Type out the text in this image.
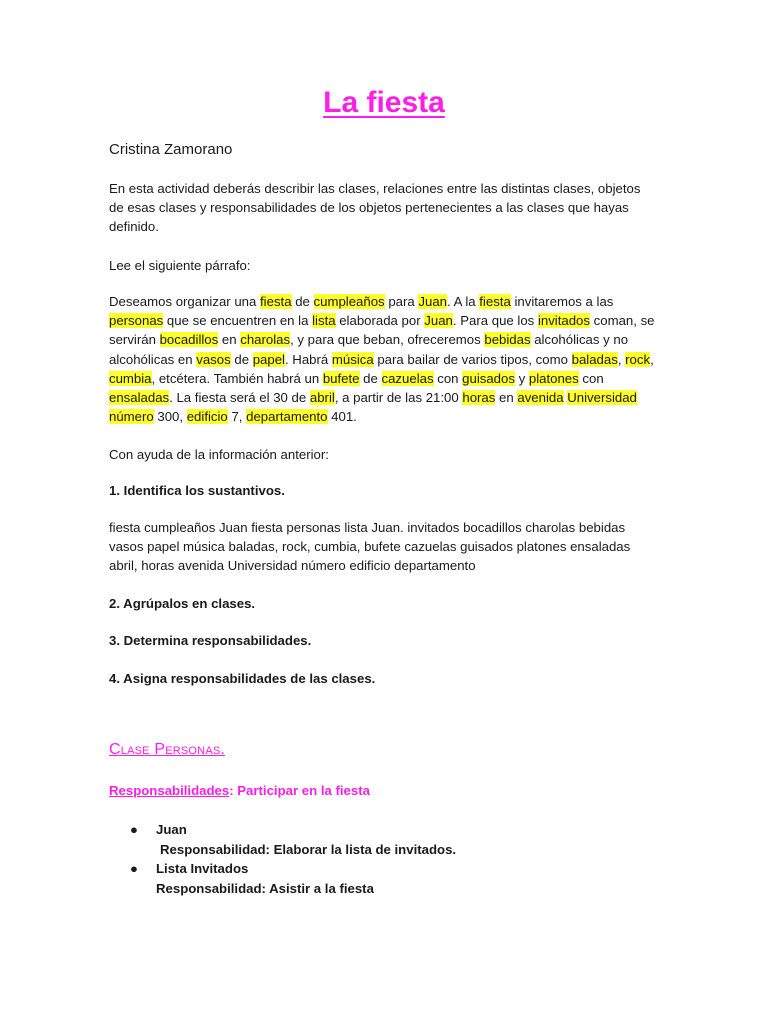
La fiesta
Cristina Zamorano
En esta actividad deberás describir las clases, relaciones entre las distintas clases, objetos de esas clases y responsabilidades de los objetos pertenecientes a las clases que hayas definido.
Lee el siguiente párrafo:
Deseamos organizar una fiesta de cumpleaños para Juan. A la fiesta invitaremos a las personas que se encuentren en la lista elaborada por Juan. Para que los invitados coman, se servirán bocadillos en charolas, y para que beban, ofreceremos bebidas alcohólicas y no alcohólicas en vasos de papel. Habrá música para bailar de varios tipos, como baladas, rock, cumbia, etcétera. También habrá un bufete de cazuelas con guisados y platones con ensaladas. La fiesta será el 30 de abril, a partir de las 21:00 horas en avenida Universidad número 300, edificio 7, departamento 401.
Con ayuda de la información anterior:
1. Identifica los sustantivos.
fiesta cumpleaños Juan fiesta personas lista Juan. invitados bocadillos charolas bebidas vasos papel música baladas, rock, cumbia, bufete cazuelas guisados platones ensaladas abril, horas avenida Universidad número edificio departamento
2. Agrúpalos en clases.
3. Determina responsabilidades.
4. Asigna responsabilidades de las clases.
Clase Personas.
Responsabilidades: Participar en la fiesta
● Juan
Responsabilidad: Elaborar la lista de invitados.
● Lista Invitados
Responsabilidad: Asistir a la fiesta
